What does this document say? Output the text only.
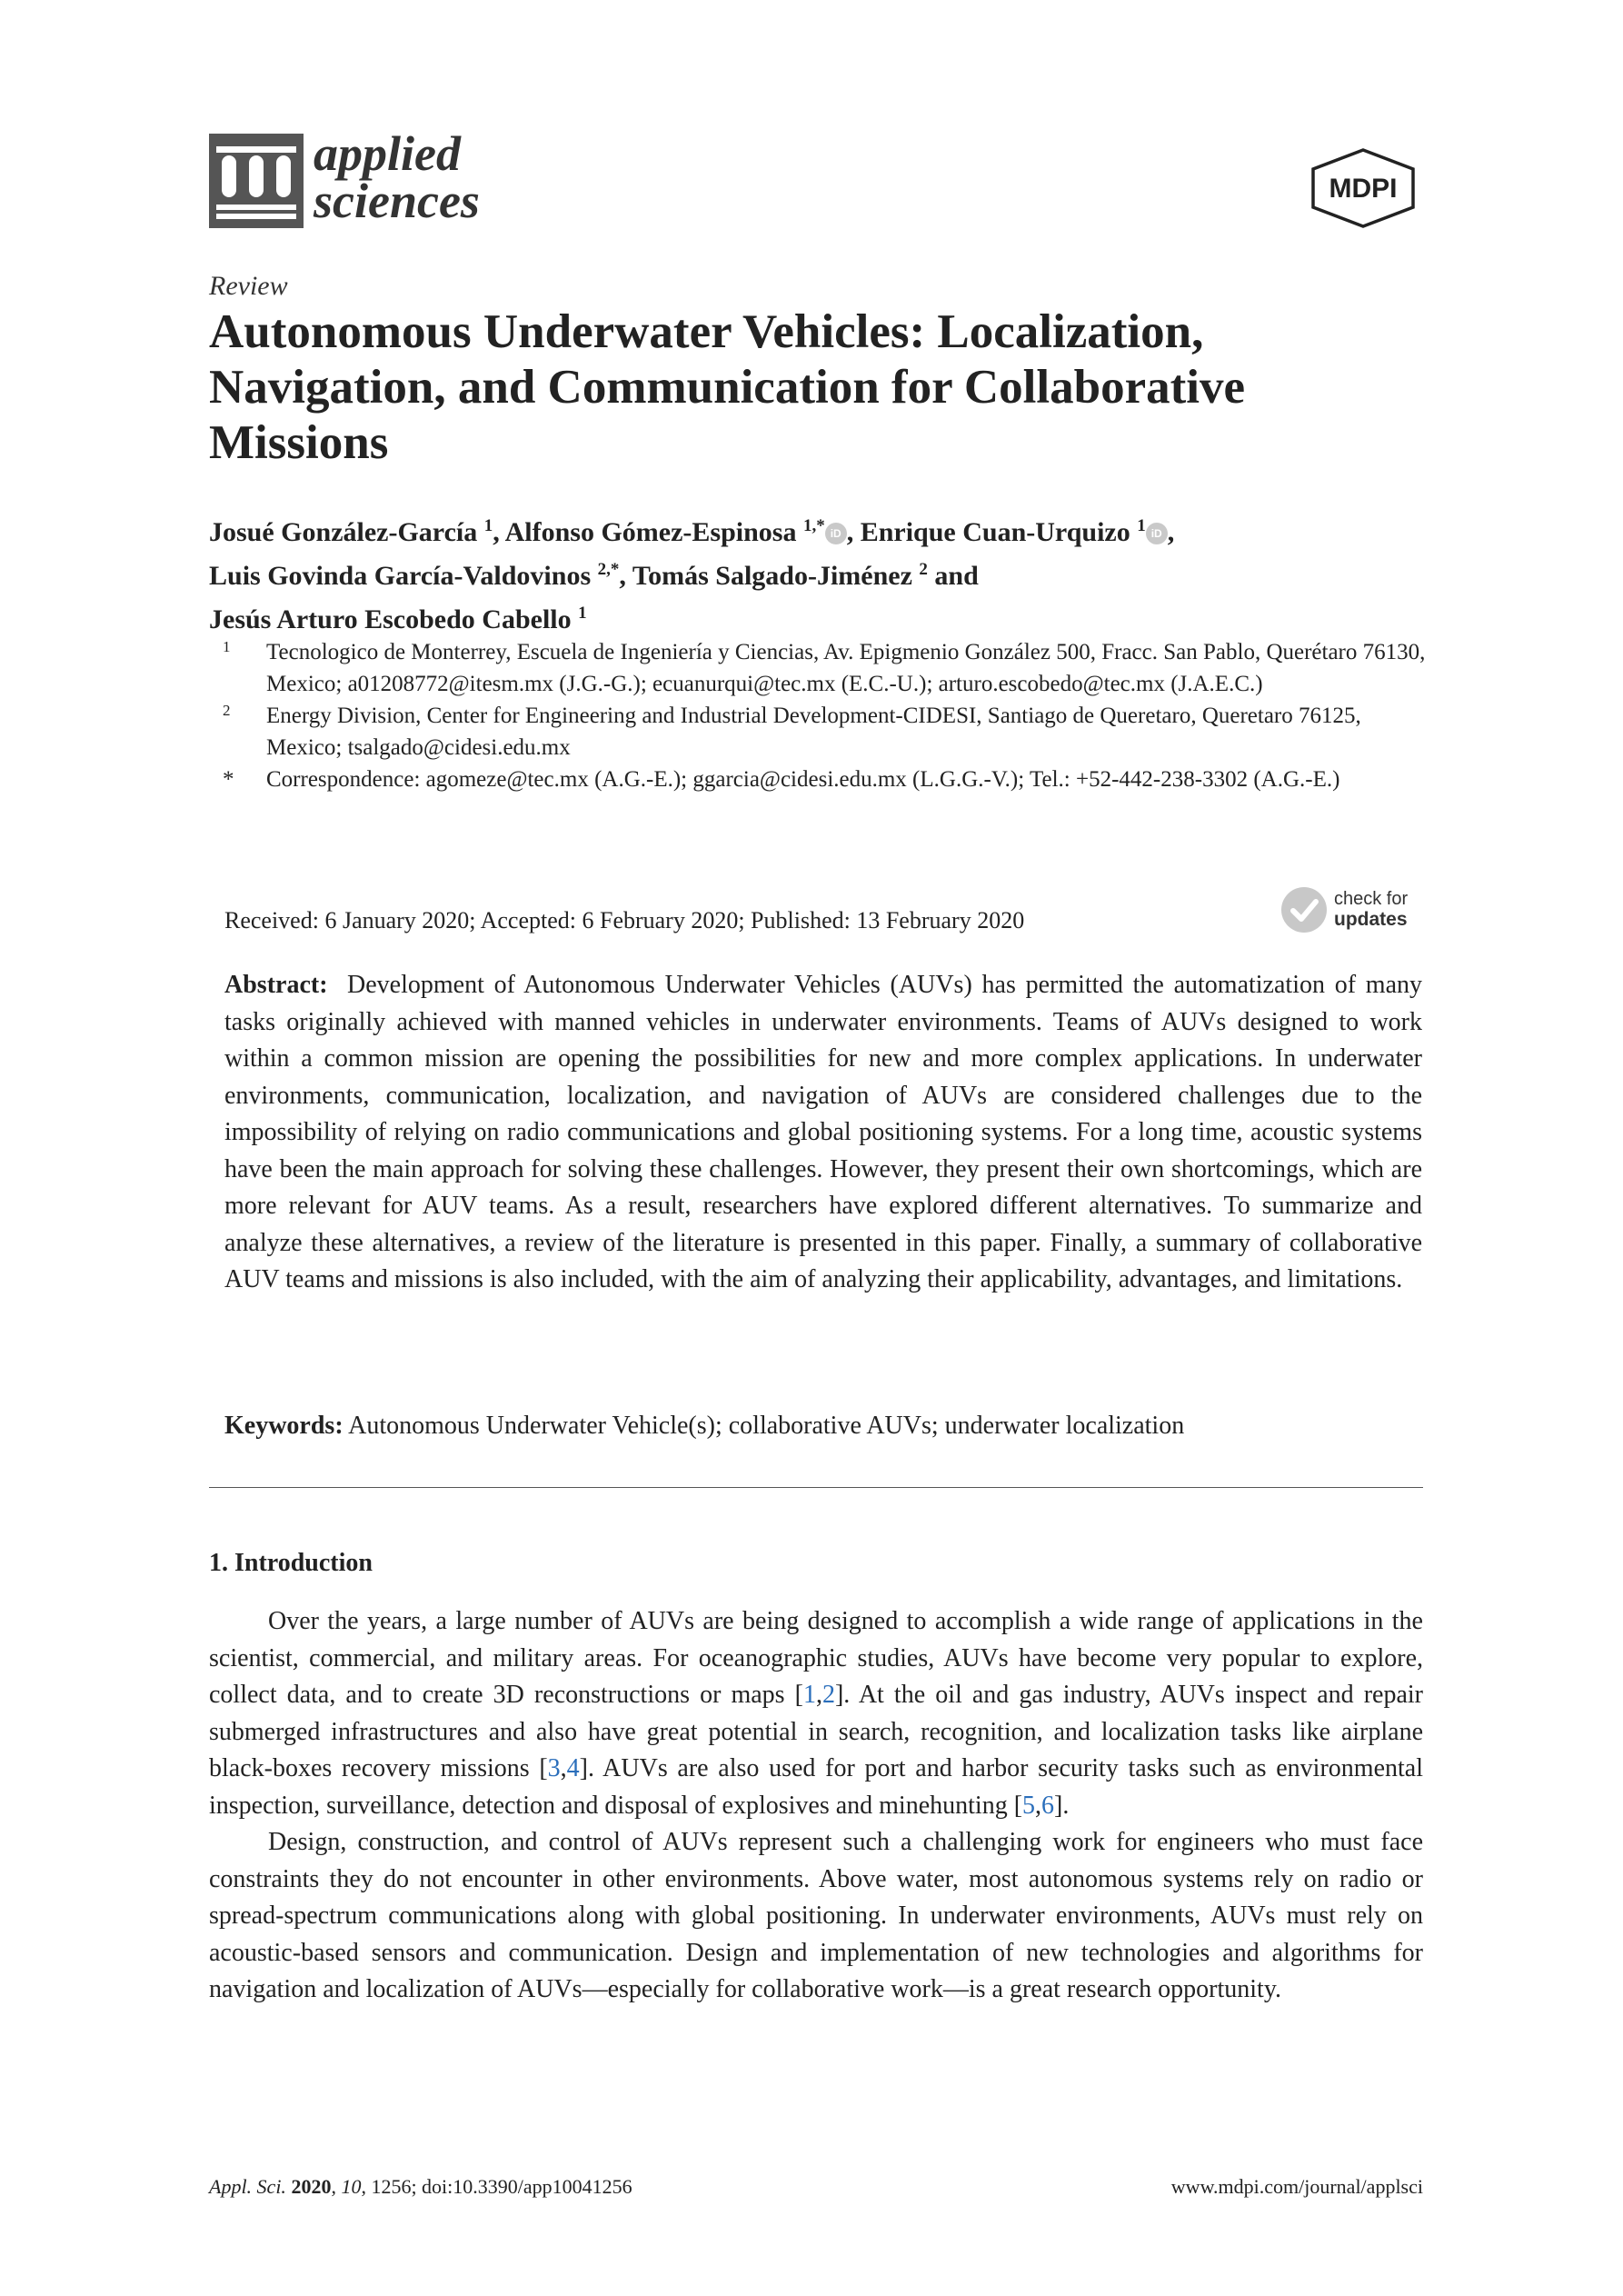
applied
sciences	MDPI
Review
Autonomous Underwater Vehicles: Localization, Navigation, and Communication for Collaborative Missions
Josué González-García $^1$, Alfonso Gómez-Espinosa $^{1,*}$ iD , Enrique Cuan-Urquizo $^1$ iD ,
Luis Govinda García-Valdovinos $^{2,*}$, Tomás Salgado-Jiménez $^2$ and
Jesús Arturo Escobedo Cabello $^1$

1 Tecnologico de Monterrey, Escuela de Ingeniería y Ciencias, Av. Epigmenio González 500, Fracc. San Pablo, Querétaro 76130, Mexico; a01208772@itesm.mx (J.G.-G.); ecuanurqui@tec.mx (E.C.-U.); arturo.escobedo@tec.mx (J.A.E.C.)

2 Energy Division, Center for Engineering and Industrial Development-CIDESI, Santiago de Queretaro, Queretaro 76125, Mexico; tsalgado@cidesi.edu.mx

* Correspondence: agomeze@tec.mx (A.G.-E.); ggarcia@cidesi.edu.mx (L.G.G.-V.); Tel.: +52-442-238-3302 (A.G.-E.)

Received: 6 January 2020; Accepted: 6 February 2020; Published: 13 February 2020
check for
updates

Abstract: Development of Autonomous Underwater Vehicles (AUVs) has permitted the automatization of many tasks originally achieved with manned vehicles in underwater environments. Teams of AUVs designed to work within a common mission are opening the possibilities for new and more complex applications. In underwater environments, communication, localization, and navigation of AUVs are considered challenges due to the impossibility of relying on radio communications and global positioning systems. For a long time, acoustic systems have been the main approach for solving these challenges. However, they present their own shortcomings, which are more relevant for AUV teams. As a result, researchers have explored different alternatives. To summarize and analyze these alternatives, a review of the literature is presented in this paper. Finally, a summary of collaborative AUV teams and missions is also included, with the aim of analyzing their applicability, advantages, and limitations.

Keywords: Autonomous Underwater Vehicle(s); collaborative AUVs; underwater localization

1. Introduction

Over the years, a large number of AUVs are being designed to accomplish a wide range of applications in the scientist, commercial, and military areas. For oceanographic studies, AUVs have become very popular to explore, collect data, and to create 3D reconstructions or maps [1,2]. At the oil and gas industry, AUVs inspect and repair submerged infrastructures and also have great potential in search, recognition, and localization tasks like airplane black-boxes recovery missions [3,4]. AUVs are also used for port and harbor security tasks such as environmental inspection, surveillance, detection and disposal of explosives and minehunting [5,6].

Design, construction, and control of AUVs represent such a challenging work for engineers who must face constraints they do not encounter in other environments. Above water, most autonomous systems rely on radio or spread-spectrum communications along with global positioning. In underwater environments, AUVs must rely on acoustic-based sensors and communication. Design and implementation of new technologies and algorithms for navigation and localization of AUVs—especially for collaborative work—is a great research opportunity.

Appl. Sci. 2020, 10, 1256; doi:10.3390/app10041256	www.mdpi.com/journal/applsci
